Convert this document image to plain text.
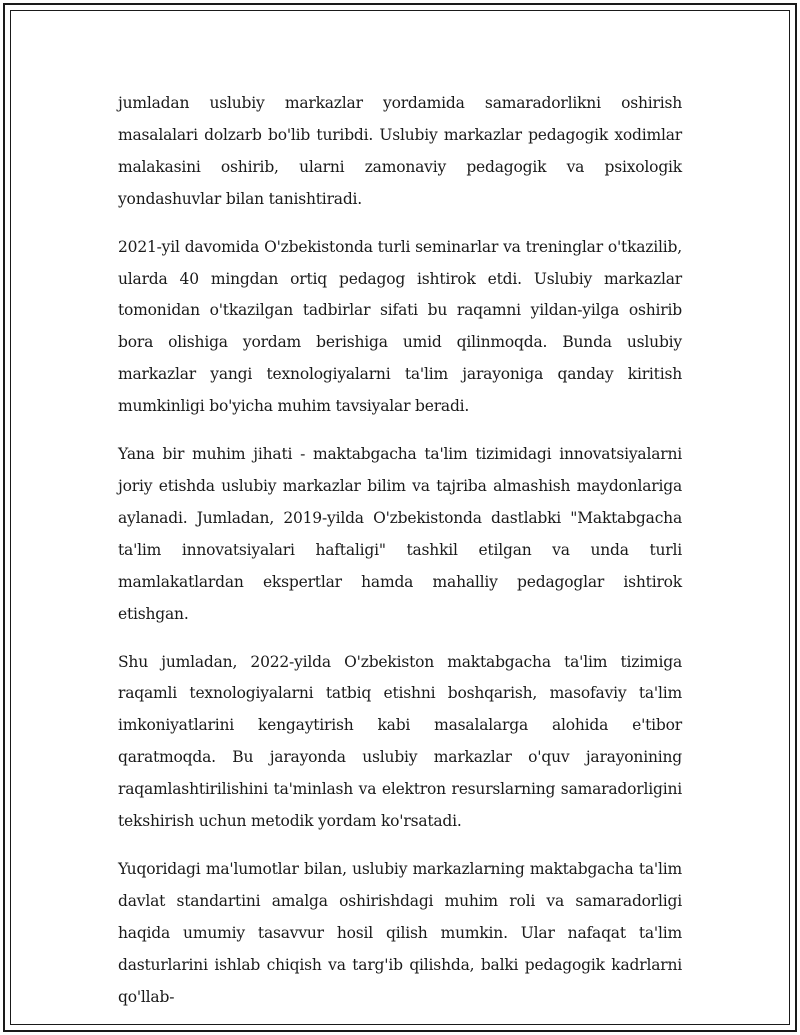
jumladan uslubiy markazlar yordamida samaradorlikni oshirish masalalari dolzarb bo'lib turibdi. Uslubiy markazlar pedagogik xodimlar malakasini oshirib, ularni zamonaviy pedagogik va psixologik yondashuvlar bilan tanishtiradi.

2021-yil davomida O'zbekistonda turli seminarlar va treninglar o'tkazilib, ularda 40 mingdan ortiq pedagog ishtirok etdi. Uslubiy markazlar tomonidan o'tkazilgan tadbirlar sifati bu raqamni yildan-yilga oshirib bora olishiga yordam berishiga umid qilinmoqda. Bunda uslubiy markazlar yangi texnologiyalarni ta'lim jarayoniga qanday kiritish mumkinligi bo'yicha muhim tavsiyalar beradi.

Yana bir muhim jihati - maktabgacha ta'lim tizimidagi innovatsiyalarni joriy etishda uslubiy markazlar bilim va tajriba almashish maydonlariga aylanadi. Jumladan, 2019-yilda O'zbekistonda dastlabki "Maktabgacha ta'lim innovatsiyalari haftaligi" tashkil etilgan va unda turli mamlakatlardan ekspertlar hamda mahalliy pedagoglar ishtirok etishgan.

Shu jumladan, 2022-yilda O'zbekiston maktabgacha ta'lim tizimiga raqamli texnologiyalarni tatbiq etishni boshqarish, masofaviy ta'lim imkoniyatlarini kengaytirish kabi masalalarga alohida e'tibor qaratmoqda. Bu jarayonda uslubiy markazlar o'quv jarayonining raqamlashtirilishini ta'minlash va elektron resurslarning samaradorligini tekshirish uchun metodik yordam ko'rsatadi.

Yuqoridagi ma'lumotlar bilan, uslubiy markazlarning maktabgacha ta'lim davlat standartini amalga oshirishdagi muhim roli va samaradorligi haqida umumiy tasavvur hosil qilish mumkin. Ular nafaqat ta'lim dasturlarini ishlab chiqish va targ'ib qilishda, balki pedagogik kadrlarni qo'llab-
